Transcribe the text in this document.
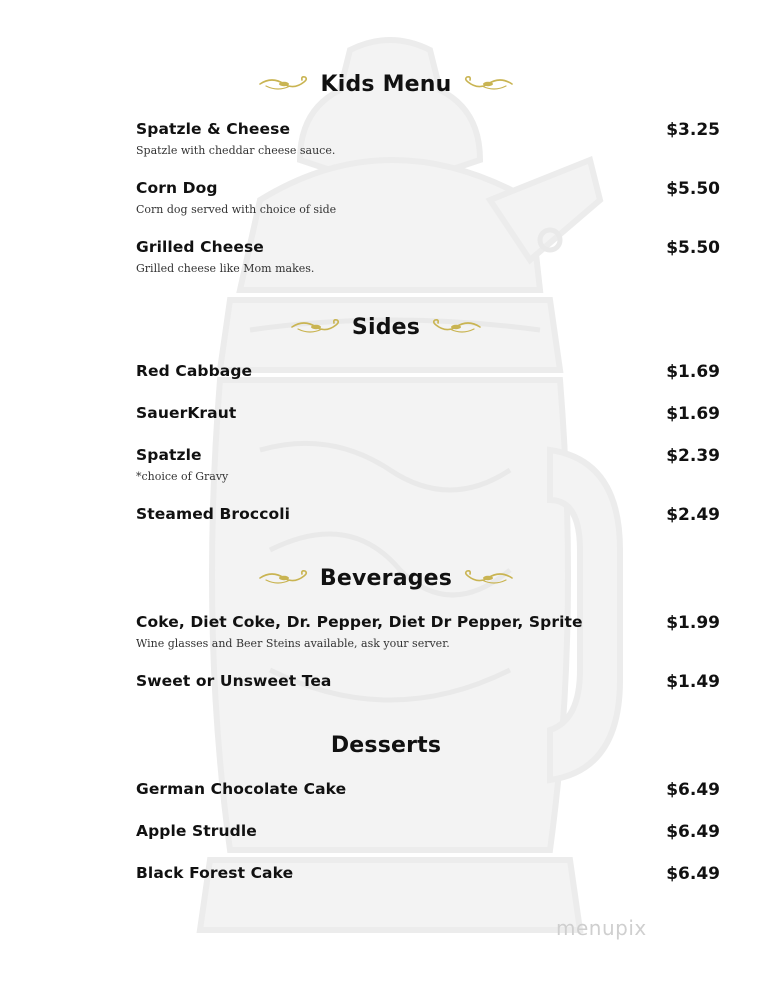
Kids Menu
Spatzle & Cheese	$3.25
Spatzle with cheddar cheese sauce.
Corn Dog	$5.50
Corn dog served with choice of side
Grilled Cheese	$5.50
Grilled cheese like Mom makes.
Sides
Red Cabbage	$1.69
SauerKraut	$1.69
Spatzle	$2.39
*choice of Gravy
Steamed Broccoli	$2.49
Beverages
Coke, Diet Coke, Dr. Pepper, Diet Dr Pepper, Sprite	$1.99
Wine glasses and Beer Steins available, ask your server.
Sweet or Unsweet Tea	$1.49
Desserts
German Chocolate Cake	$6.49
Apple Strudle	$6.49
Black Forest Cake	$6.49
menupix
